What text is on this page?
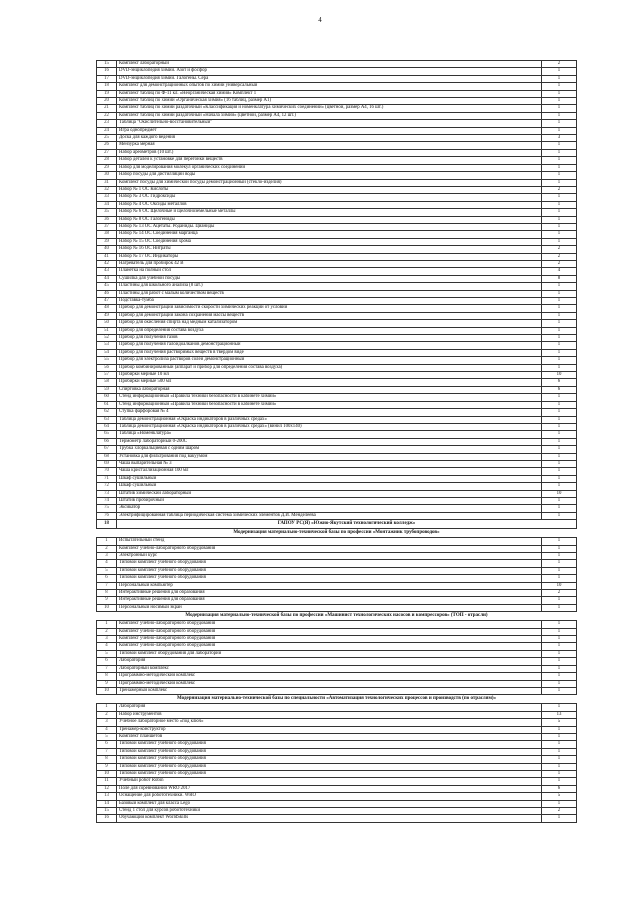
4
15	Комплект лабораторный	2
16	DVD-энциклопедия химии. Азот и фосфор	1
17	DVD-энциклопедия химии. Галогены. Сера	1
18	Комплект для демонстрационных опытов по химии универсальный	1
19	Комплект таблиц по Ф-11 кл. «Неорганическая химия» Комплект 1	1
20	Комплект таблиц по химии «Органическая химия» (16 таблиц, размер А1)	1
21	Комплект таблиц по химии раздаточный «Классификация и номенклатура химических соединений» (цветной, размер А4, 16 шт.)	1
22	Комплект таблиц по химии раздаточный «Начала химии» (цветной, размер А4, 12 шт.)	1
23	Таблица "Окислительно-восстановительный"	1
24	Игра однопредмет	1
25	Доска для каждого ведения	3
26	Мензурка мерная	1
27	Набор ареометров (10 шт.)	1
28	Набор деталей к установке для перегонки веществ	1
29	Набор для моделирования молекул органических соединений	1
30	Набор посуды для дистилляции воды	1
31	Комплект посуды для химической посуды демонстрационный (стекло-изделия)	1
32	Набор № 1 ОС Кислоты	2
33	Набор № 3 ОС Гидроксиды	1
34	Набор № 4 ОС Оксиды металлов	1
35	Набор № 6 ОС Щелочные и щелочноземельные металлы	1
36	Набор № 8 ОС Галогениды	1
37	Набор № 13 ОС Ацетаты. Роданиды. Цианиды	1
38	Набор № 14 ОС Соединения марганца	1
39	Набор № 15 ОС Соединения хрома	1
40	Набор № 16 ОС Нитраты	2
41	Набор № 17 ОС Индикаторы	2
42	Нагреватель для пробирок 42 В	2
43	Планетка на полный стол	4
44	Сушилка для учебной посуды	8
45	Пластины для школьного анализа (8 шт.)	1
46	Пластины для работ с малым количеством веществ	1
47	Подставка-тумба	1
48	Прибор для демонстрации зависимости скорости химических реакций от условий	1
49	Прибор для демонстрации закона сохранения массы веществ	1
50	Прибор для окисления спирта над медным катализатором	1
51	Прибор для определения состава воздуха	1
52	Прибор для получения газов	1
53	Прибор для получения галоидоалканов демонстрационный	1
54	Прибор для получения растворимых веществ в твердом виде	1
55	Прибор для электролиза растворов солей демонстрационный	1
56	Прибор комбинированный (аппарат и прибор для определения состава воздуха)	1
57	Пробирки мерные 10 мл	10
58	Пробирки мерные 500 мл	6
59	Спиртовка лабораторная	6
60	Стенд информационный «Правила техники безопасности в кабинете химии»	1
61	Стенд информационный «Правила техники безопасности в кабинете химии»	1
62	Ступка фарфоровая № 4	1
63	Таблица демонстрационная «Окраска индикаторов в различных средах»	1
64	Таблица демонстрационная «Окраска индикаторов в различных средах» (винил 100х140)	1
65	Таблица «Номенклатура»	1
66	Термометр лабораторный 0-200С	1
67	Трубка хлоркальциевая с одним шаром	1
68	Установка для фильтрования под вакуумом	1
69	Чаша выпарительная № 3	1
70	Чаша кристаллизационная 100 мл	1
71	Шкаф сушильный	1
72	Шкаф сушильный	1
73	Штатив химический лабораторный	10
74	Штатив пробирочный	1
75	Эксикатор	1
76	Электрифицированная таблица периодическая система химических элементов Д.И. Менделеева	1
18	ГАПОУ РС(Я) «Южно-Якутский технологический колледж»	
Модернизация материально-технической базы по профессии «Монтажник трубопроводов»		
1	Испытательный стенд	1
2	Комплект учебно-лабораторного оборудования	1
3	Электронный курс	1
4	Типовой комплект учебного оборудования	1
5	Типовой комплект учебного оборудования	1
6	Типовой комплект учебного оборудования	1
7	Персональный компьютер	10
8	Интерактивные решения для образования	2
9	Интерактивные решения для образования	1
10	Персональный носимый экран	1
Модернизация материально-технической базы по профессии «Машинист технологических насосов и компрессоров» (ТОП - отрасли)		
1	Комплект учебно-лабораторного оборудования	1
2	Комплект учебно-лабораторного оборудования	1
3	Комплект учебно-лабораторного оборудования	1
4	Комплект учебно-лабораторного оборудования	1
5	Типовой комплект оборудования для лаборатории	1
6	Лаборатория	1
7	Лабораторный комплекс	1
8	Программно-методический комплекс	1
9	Программно-методический комплекс	1
10	Тренажерный комплекс	1
Модернизация материально-технической базы по специальности «Автоматизация технологических процессов и производств (по отраслям)»		
1	Лаборатория	1
2	Набор инструментов	13
3	Учебное лабораторное место «под ключ»	5
4	Тренажер-конструктор	1
5	Комплект планшетов	1
6	Типовой комплект учебного оборудования	1
7	Типовой комплект учебного оборудования	1
8	Типовой комплект учебного оборудования	1
9	Типовой комплект учебного оборудования	1
10	Типовой комплект учебного оборудования	1
11	Учебный робот Robin	1
12	Поле для соревнований WRO 2017	6
13	Оснащение для робототехники. WRO	5
14	Базовый комплект для класса Lego	1
15	Стенд 1 стол для курсов робототехники	2
16	Обучающий комплект WorldSkills	1
